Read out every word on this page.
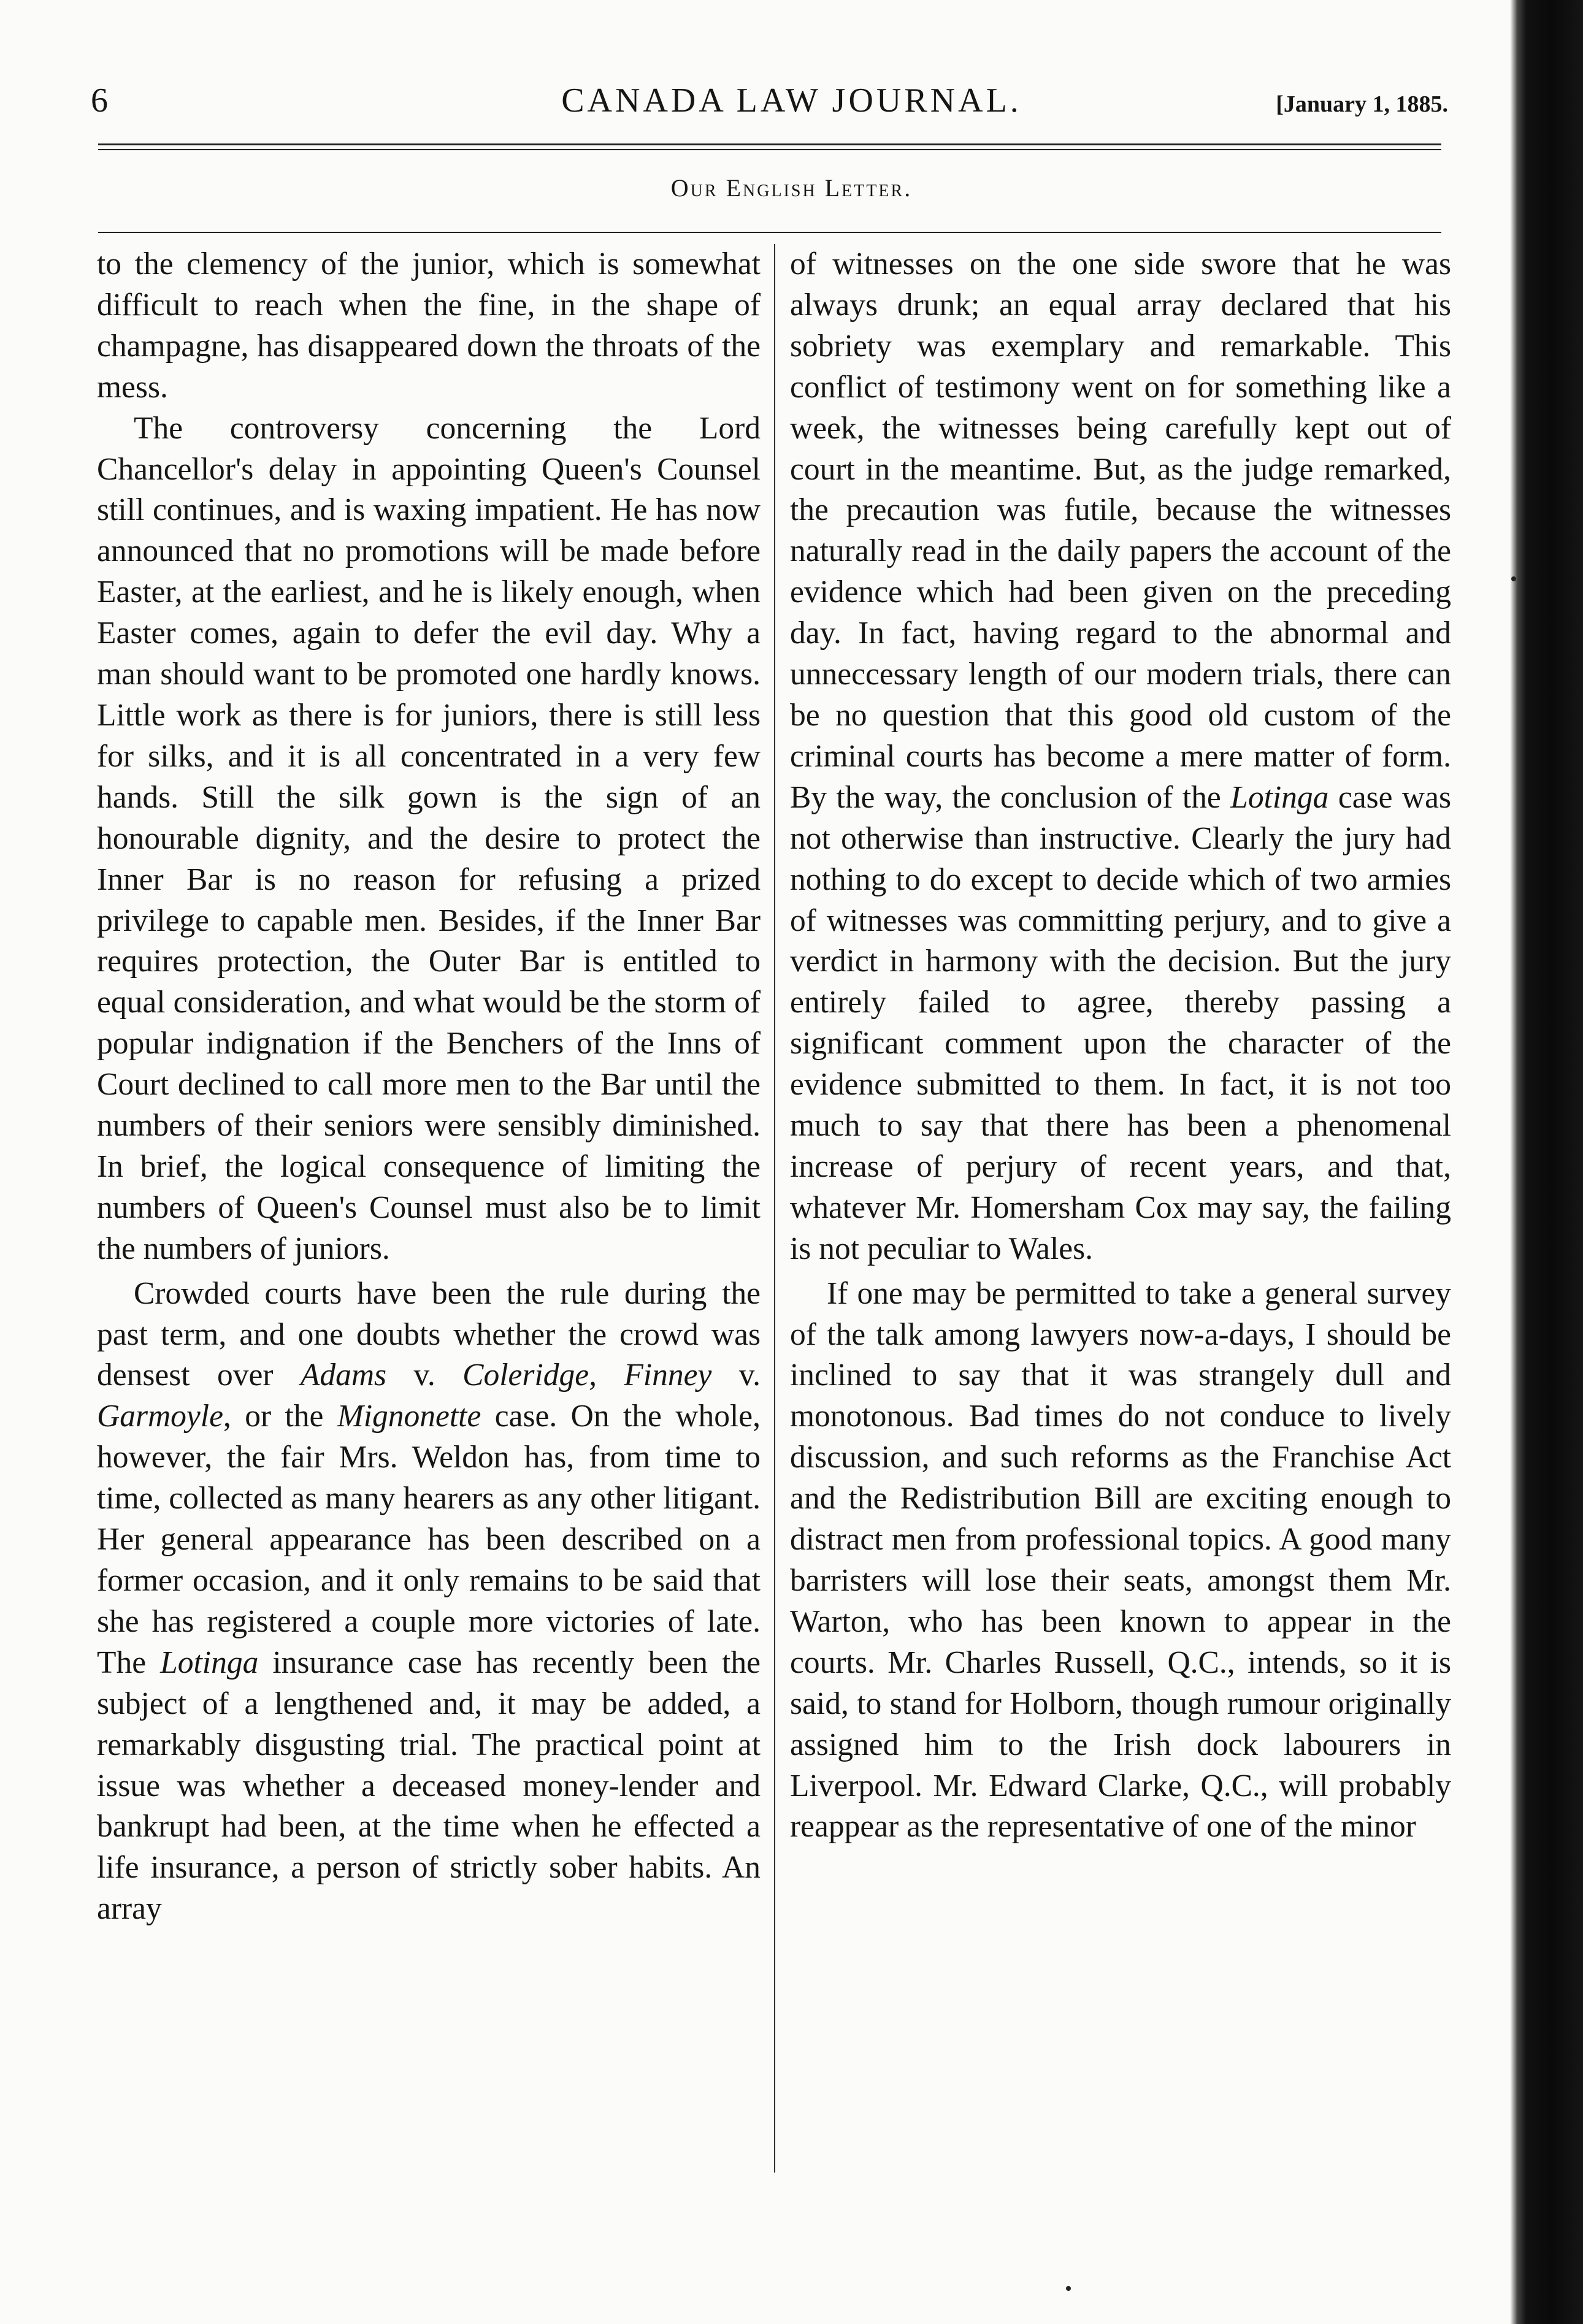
6	CANADA LAW JOURNAL.	[January 1, 1885.
Our English Letter.

to the clemency of the junior, which is somewhat difficult to reach when the fine, in the shape of champagne, has disappeared down the throats of the mess.

The controversy concerning the Lord Chancellor's delay in appointing Queen's Counsel still continues, and is waxing impatient. He has now announced that no promotions will be made before Easter, at the earliest, and he is likely enough, when Easter comes, again to defer the evil day. Why a man should want to be promoted one hardly knows. Little work as there is for juniors, there is still less for silks, and it is all concentrated in a very few hands. Still the silk gown is the sign of an honourable dignity, and the desire to protect the Inner Bar is no reason for refusing a prized privilege to capable men. Besides, if the Inner Bar requires protection, the Outer Bar is entitled to equal consideration, and what would be the storm of popular indignation if the Benchers of the Inns of Court declined to call more men to the Bar until the numbers of their seniors were sensibly diminished. In brief, the logical consequence of limiting the numbers of Queen's Counsel must also be to limit the numbers of juniors.

Crowded courts have been the rule during the past term, and one doubts whether the crowd was densest over Adams v. Coleridge, Finney v. Garmoyle, or the Mignonette case. On the whole, however, the fair Mrs. Weldon has, from time to time, collected as many hearers as any other litigant. Her general appearance has been described on a former occasion, and it only remains to be said that she has registered a couple more victories of late. The Lotinga insurance case has recently been the subject of a lengthened and, it may be added, a remarkably disgusting trial. The practical point at issue was whether a deceased money-lender and bankrupt had been, at the time when he effected a life insurance, a person of strictly sober habits. An array

of witnesses on the one side swore that he was always drunk; an equal array declared that his sobriety was exemplary and remarkable. This conflict of testimony went on for something like a week, the witnesses being carefully kept out of court in the meantime. But, as the judge remarked, the precaution was futile, because the witnesses naturally read in the daily papers the account of the evidence which had been given on the preceding day. In fact, having regard to the abnormal and unneccessary length of our modern trials, there can be no question that this good old custom of the criminal courts has become a mere matter of form. By the way, the conclusion of the Lotinga case was not otherwise than instructive. Clearly the jury had nothing to do except to decide which of two armies of witnesses was committing perjury, and to give a verdict in harmony with the decision. But the jury entirely failed to agree, thereby passing a significant comment upon the character of the evidence submitted to them. In fact, it is not too much to say that there has been a phenomenal increase of perjury of recent years, and that, whatever Mr. Homersham Cox may say, the failing is not peculiar to Wales.

If one may be permitted to take a general survey of the talk among lawyers now-a-days, I should be inclined to say that it was strangely dull and monotonous. Bad times do not conduce to lively discussion, and such reforms as the Franchise Act and the Redistribution Bill are exciting enough to distract men from professional topics. A good many barristers will lose their seats, amongst them Mr. Warton, who has been known to appear in the courts. Mr. Charles Russell, Q.C., intends, so it is said, to stand for Holborn, though rumour originally assigned him to the Irish dock labourers in Liverpool. Mr. Edward Clarke, Q.C., will probably reappear as the representative of one of the minor
